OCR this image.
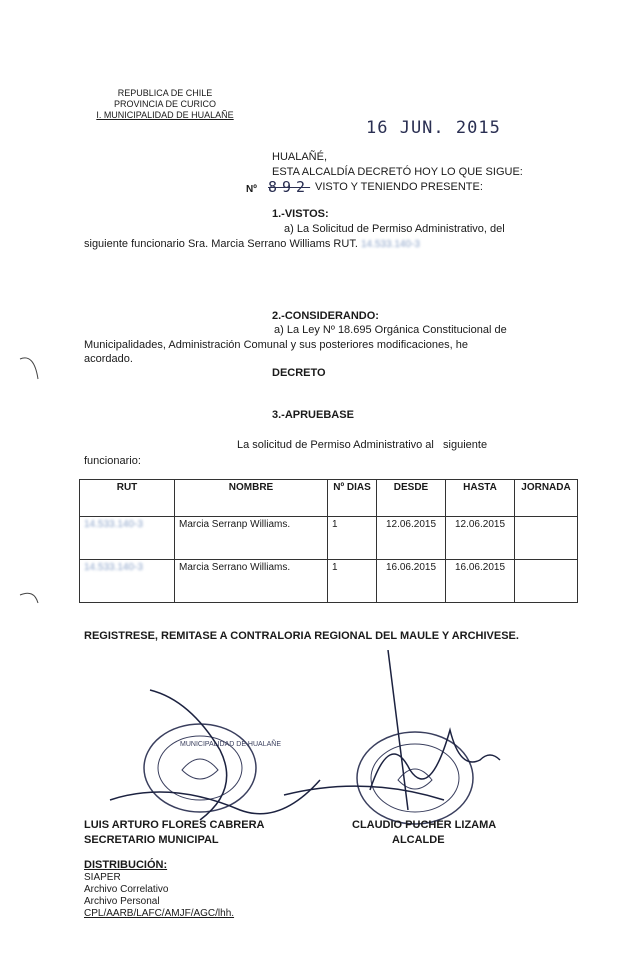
REPUBLICA DE CHILE
PROVINCIA DE CURICO
I. MUNICIPALIDAD DE HUALAÑE
16 JUN. 2015
HUALAÑÉ,
ESTA ALCALDÍA DECRETÓ HOY LO QUE SIGUE:
Nº 892 VISTO Y TENIENDO PRESENTE:
1.-VISTOS:
a) La Solicitud de Permiso Administrativo, del
siguiente funcionario Sra. Marcia Serrano Williams RUT. 14.533.140-3
2.-CONSIDERANDO:
a) La Ley Nº 18.695 Orgánica Constitucional de
Municipalidades, Administración Comunal y sus posteriores modificaciones, he
acordado.
DECRETO
3.-APRUEBASE
La solicitud de Permiso Administrativo al   siguiente
funcionario:
RUT	NOMBRE	Nº DIAS	DESDE	HASTA	JORNADA
14.533.140-3	Marcia Serranp Williams.	1	12.06.2015	12.06.2015	
14.533.140-3	Marcia Serrano Williams.	1	16.06.2015	16.06.2015	
REGISTRESE, REMITASE A CONTRALORIA REGIONAL DEL MAULE Y ARCHIVESE.
MUNICIPALIDAD DE HUALAÑE
LUIS ARTURO FLORES CABRERA
SECRETARIO MUNICIPAL
CLAUDIO PUCHER LIZAMA
ALCALDE
DISTRIBUCIÓN:
SIAPER
Archivo Correlativo
Archivo Personal
CPL/AARB/LAFC/AMJF/AGC/lhh.
